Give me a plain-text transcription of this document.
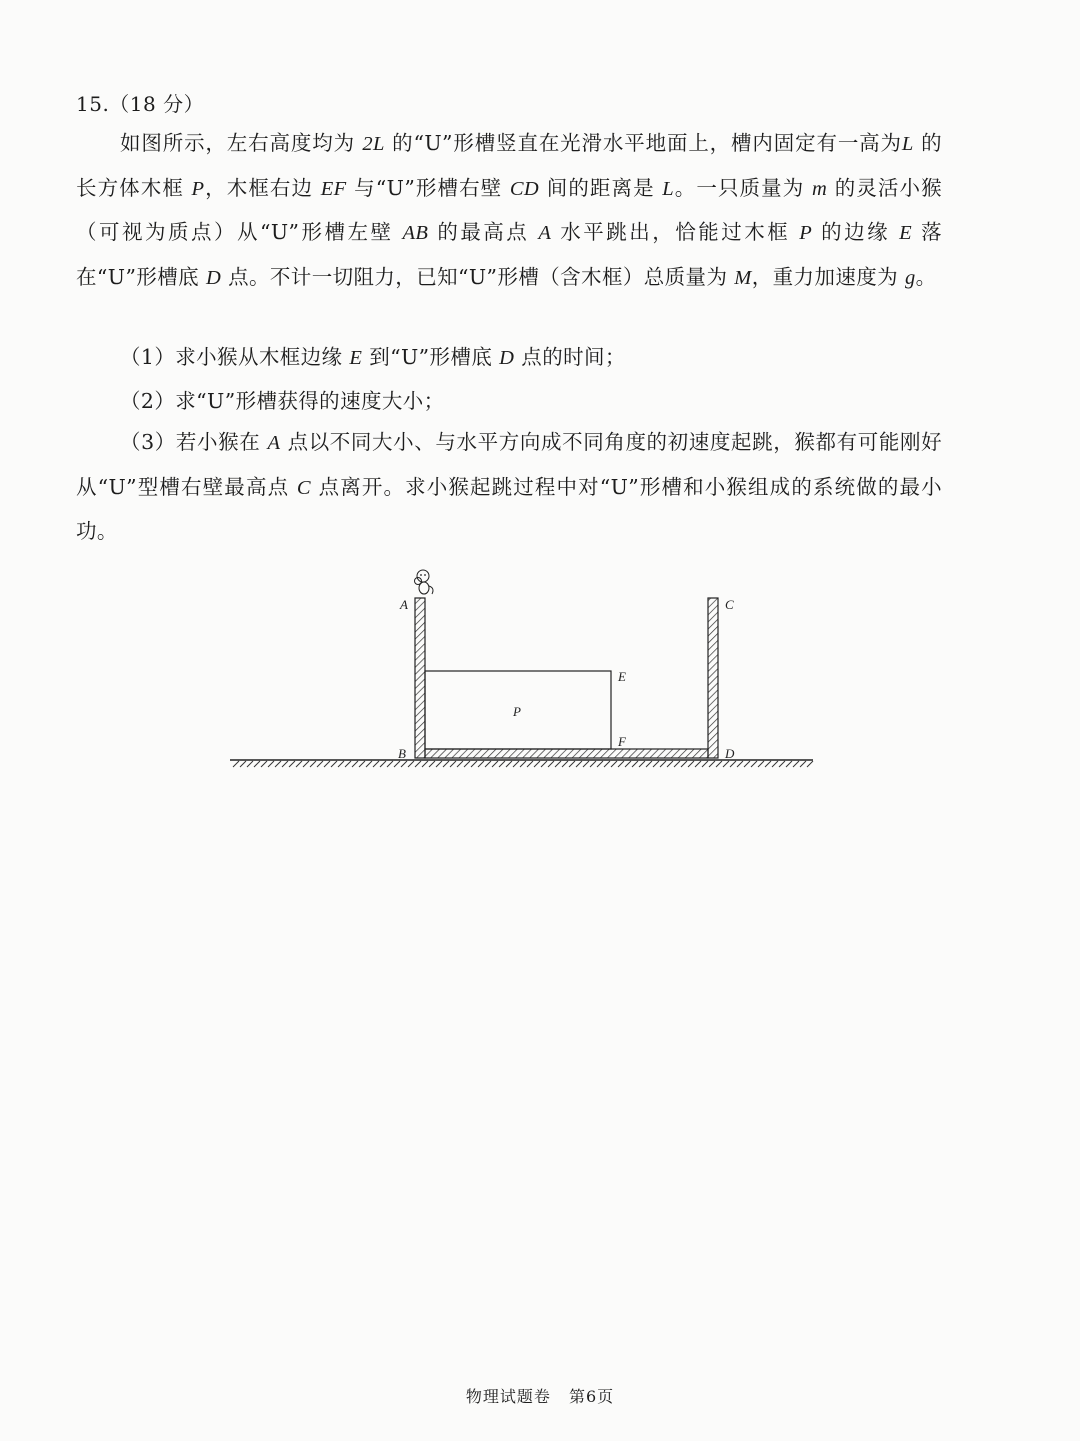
15.（18 分）
如图所示，左右高度均为 2L 的“U”形槽竖直在光滑水平地面上，槽内固定有一高为L 的长方体木框 P，木框右边 EF 与“U”形槽右壁 CD 间的距离是 L。一只质量为 m 的灵活小猴（可视为质点）从“U”形槽左壁 AB 的最高点 A 水平跳出，恰能过木框 P 的边缘 E 落在“U”形槽底 D 点。不计一切阻力，已知“U”形槽（含木框）总质量为 M，重力加速度为 g。
（1）求小猴从木框边缘 E 到“U”形槽底 D 点的时间；
（2）求“U”形槽获得的速度大小；
（3）若小猴在 A 点以不同大小、与水平方向成不同角度的初速度起跳，猴都有可能刚好从“U”型槽右壁最高点 C 点离开。求小猴起跳过程中对“U”形槽和小猴组成的系统做的最小功。
A	C
E
P
F
B	D
物理试题卷 第6页
